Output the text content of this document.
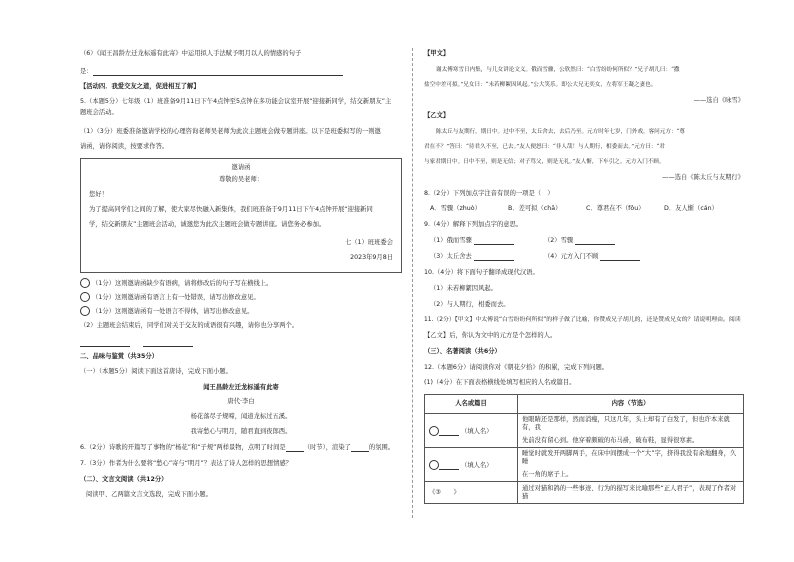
（6）《闻王昌龄左迁龙标遥有此寄》中运用拟人手法赋予明月以人的情感的句子
是：
【活动四．我爱交友之道，促进相互了解】
5.（本题5分）七年级（1）班准备9月11日下午4点钟至5点钟在多功能会议室开展“迎接新同学，结交新朋友”主
题班会活动。
（1）（3分）班委准备邀请学校的心理咨询老师吴老师为此次主题班会做专题讲座。以下是班委拟写的一则邀
请函，请你阅读，按要求作答。
邀请函
尊敬的吴老师：
您好！
为了提高同学们之间的了解，使大家尽快融入新集体，我们班准备于9月11日下午4点钟开展“迎接新同
学，结交新朋友”主题班会活动，诚邀您为此次主题班会做专题讲座。请您务必参加。
七（1）班班委会
2023年9月8日
（1分）这则邀请函缺少有语病，请将修改后的句子写在横线上。
（1分）这则邀请函有语言上有一处错误，请写出修改意见。
（1分）这则邀请函有一处语言不得体，请写出修改意见。
（2）主题班会结束后，同学们对关于交友的成语很有兴趣，请你也分享两个。

二、品味与鉴赏（共35分）
（一）（本题5分）阅读下面这首唐诗，完成下面小题。
闻王昌龄左迁龙标遥有此寄
唐代·李白
杨花落尽子规啼，闻道龙标过五溪。
我寄愁心与明月，随君直到夜郎西。
6.（2分）诗歌的开篇写了事物的“杨花”和“子规”两样景物，点明了时间是	（时节），渲染了	的氛围。
7.（3分）作者为什么要将“愁心”寄与“明月”？表达了诗人怎样的思想情感？
（二）、文言文阅读（共12分）
阅读甲、乙两篇文言文选段，完成下面小题。
【甲文】
谢太傅寒雪日内集，与儿女讲论文义。俄而雪骤，公欣然曰：“白雪纷纷何所似？”兄子胡儿曰：“撒
盐空中差可拟。”兄女曰：“未若柳絮因风起。”公大笑乐。即公大兄无奕女，左将军王凝之妻也。
——选自《咏雪》
【乙文】
陈太丘与友期行，期日中。过中不至，太丘舍去，去后乃至。元方时年七岁，门外戏。客问元方：“尊
君在不？”答曰：“待君久不至，已去。”友人便怒曰：“非人哉！与人期行，相委而去。”元方曰：“君
与家君期日中。日中不至，则是无信；对子骂父，则是无礼。”友人惭，下车引之。元方入门不顾。
——选自《陈太丘与友期行》
8.（2分）下列加点字注音有误的一项是（　）
A．雪骤（zhuò）	B．差可拟（chā）	C．尊君在不（fǒu）	D．友人惭（cán）
9.（4分）解释下列加点字的意思。
（1）俄而雪骤	（2）雪骤
（3）太丘舍去	（4）元方入门不顾
10.（4分）将下面句子翻译成现代汉语。
（1）未若柳絮因风起。
（2）与人期行，相委而去。
11.（2分）【甲文】中太傅说“白雪纷纷何所似”的样子做了比喻，你赞成兄子胡儿的，还是赞成兄女的？请说明理由。阅读
【乙文】后，你认为文中的元方是个怎样的人。
（三）、名著阅读（共6分）
12.（本题6分）请阅读你对《朝花夕拾》的积累，完成下列问题。
(1)（4分）在下面表格横线处填写相应的人名或篇目。
人名或篇目	内容（节选）
（填人名）	他眼睛还是那样，然而消瘦，只这几年，头上却有了白发了，但也许本来就有，我
先前没有留心到。他穿着颇破的布马褂，破布鞋，显得很寒素。

（填人名）	睡觉时就发开两脚两手，在床中间摆成一个“大”字，挤得我没有余地翻身，久睡
在一角的席子上。

《③　　》	通过对猫和鸽的一些事迹、行为的描写来比喻那些“正人君子”，表现了作者对猫
